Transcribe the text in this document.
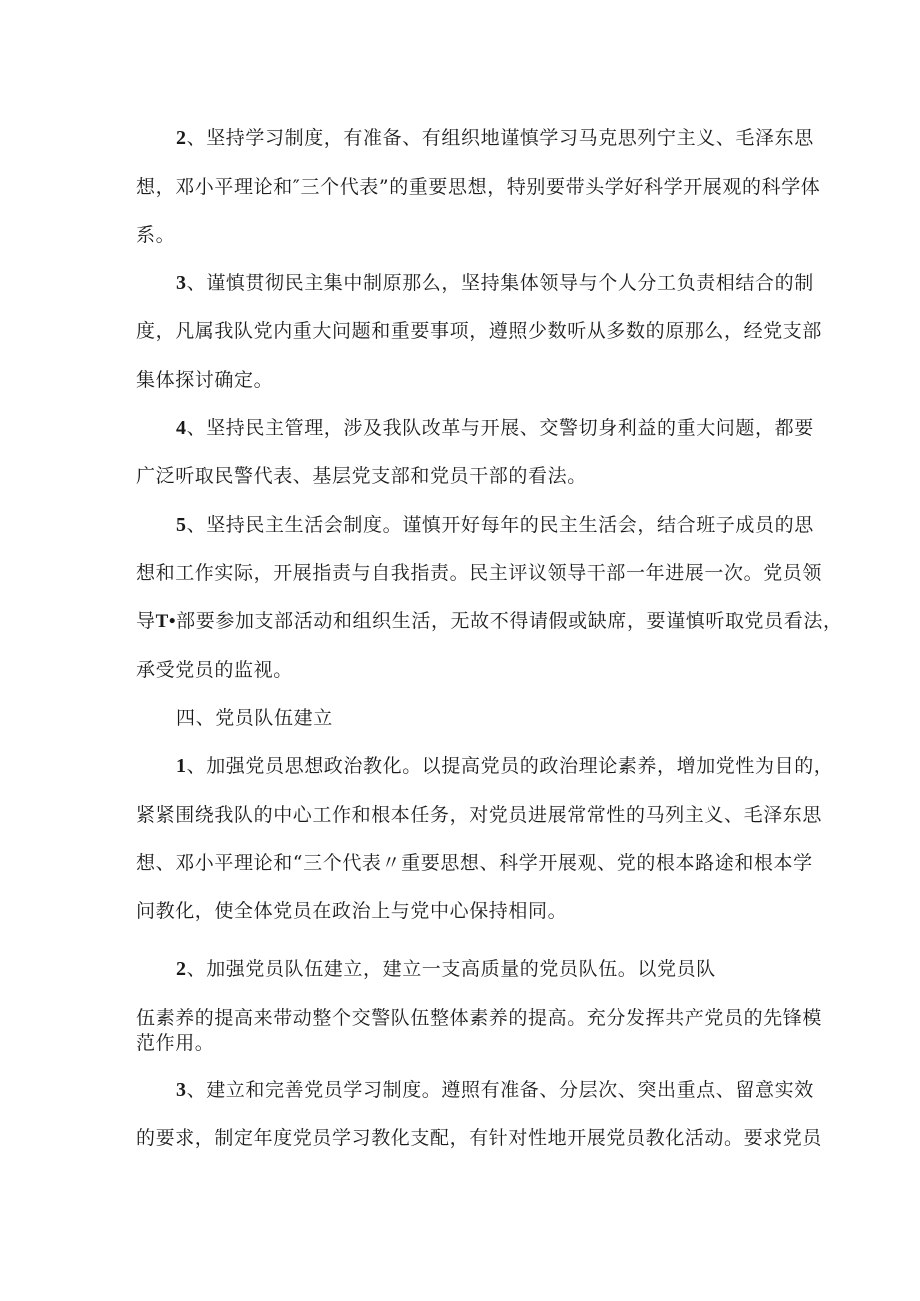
2、坚持学习制度，有准备、有组织地谨慎学习马克思列宁主义、毛泽东思
想，邓小平理论和″三个代表”的重要思想，特别要带头学好科学开展观的科学体
系。
3、谨慎贯彻民主集中制原那么，坚持集体领导与个人分工负责相结合的制
度，凡属我队党内重大问题和重要事项，遵照少数听从多数的原那么，经党支部
集体探讨确定。
4、坚持民主管理，涉及我队改革与开展、交警切身利益的重大问题，都要
广泛听取民警代表、基层党支部和党员干部的看法。
5、坚持民主生活会制度。谨慎开好每年的民主生活会，结合班子成员的思
想和工作实际，开展指责与自我指责。民主评议领导干部一年进展一次。党员领
导T•部要参加支部活动和组织生活，无故不得请假或缺席，要谨慎听取党员看法，
承受党员的监视。
四、党员队伍建立
1、加强党员思想政治教化。以提高党员的政治理论素养，增加党性为目的，
紧紧围绕我队的中心工作和根本任务，对党员进展常常性的马列主义、毛泽东思
想、邓小平理论和“三个代表〃重要思想、科学开展观、党的根本路途和根本学
问教化，使全体党员在政治上与党中心保持相同。
2、加强党员队伍建立，建立一支高质量的党员队伍。以党员队
伍素养的提高来带动整个交警队伍整体素养的提高。充分发挥共产党员的先锋模
范作用。
3、建立和完善党员学习制度。遵照有准备、分层次、突出重点、留意实效
的要求，制定年度党员学习教化支配，有针对性地开展党员教化活动。要求党员
